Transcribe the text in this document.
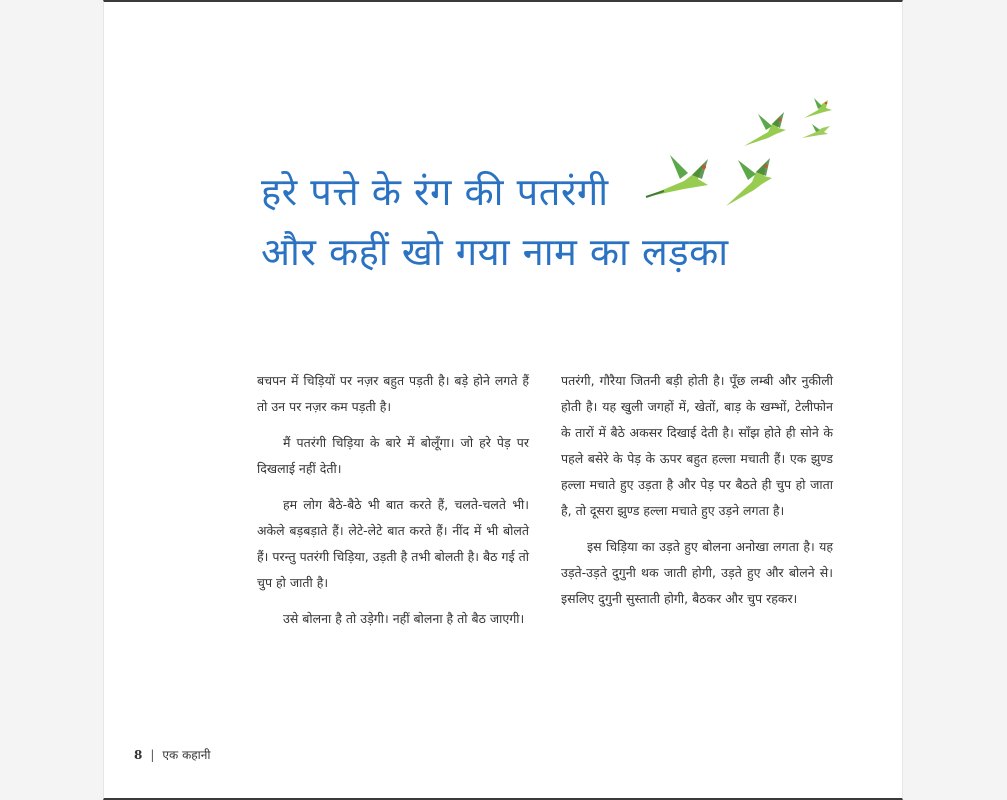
हरे पत्ते के रंग की पतरंगी
और कहीं खो गया नाम का लड़का

बचपन में चिड़ियों पर नज़र बहुत पड़ती है। बड़े होने लगते हैं तो उन पर नज़र कम पड़ती है।

मैं पतरंगी चिड़िया के बारे में बोलूँगा। जो हरे पेड़ पर दिखलाई नहीं देती।

हम लोग बैठे-बैठे भी बात करते हैं, चलते-चलते भी। अकेले बड़बड़ाते हैं। लेटे-लेटे बात करते हैं। नींद में भी बोलते हैं। परन्तु पतरंगी चिड़िया, उड़ती है तभी बोलती है। बैठ गई तो चुप हो जाती है।

उसे बोलना है तो उड़ेगी। नहीं बोलना है तो बैठ जाएगी।

पतरंगी, गौरैया जितनी बड़ी होती है। पूँछ लम्बी और नुकीली होती है। यह खुली जगहों में, खेतों, बाड़ के खम्भों, टेलीफोन के तारों में बैठे अकसर दिखाई देती है। साँझ होते ही सोने के पहले बसेरे के पेड़ के ऊपर बहुत हल्ला मचाती हैं। एक झुण्ड हल्ला मचाते हुए उड़ता है और पेड़ पर बैठते ही चुप हो जाता है, तो दूसरा झुण्ड हल्ला मचाते हुए उड़ने लगता है।

इस चिड़िया का उड़ते हुए बोलना अनोखा लगता है। यह उड़ते-उड़ते दुगुनी थक जाती होगी, उड़ते हुए और बोलने से। इसलिए दुगुनी सुस्ताती होगी, बैठकर और चुप रहकर।

8 | एक कहानी
